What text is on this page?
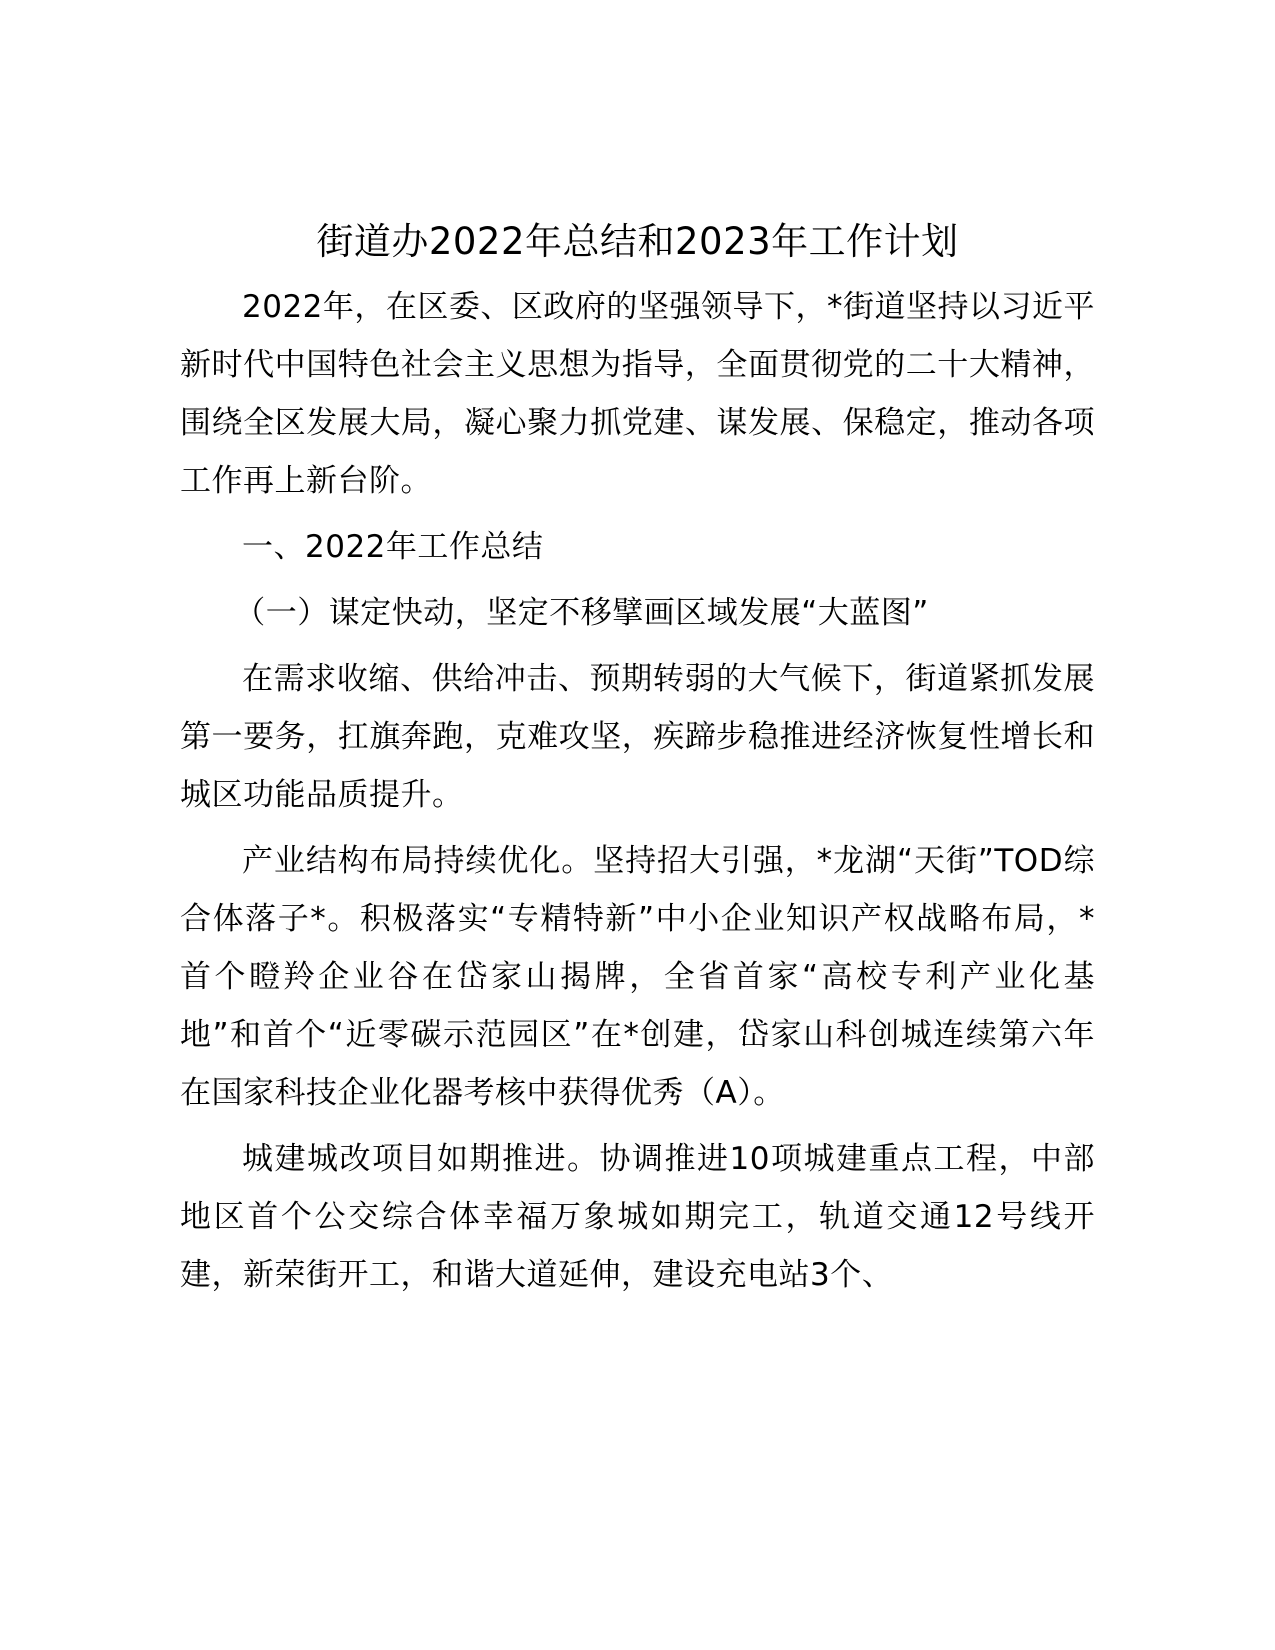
街道办2022年总结和2023年工作计划

2022年，在区委、区政府的坚强领导下，*街道坚持以习近平新时代中国特色社会主义思想为指导，全面贯彻党的二十大精神，围绕全区发展大局，凝心聚力抓党建、谋发展、保稳定，推动各项工作再上新台阶。

一、2022年工作总结

（一）谋定快动，坚定不移擘画区域发展“大蓝图”

在需求收缩、供给冲击、预期转弱的大气候下，街道紧抓发展第一要务，扛旗奔跑，克难攻坚，疾蹄步稳推进经济恢复性增长和城区功能品质提升。

产业结构布局持续优化。坚持招大引强，*龙湖“天街”TOD综合体落子*。积极落实“专精特新”中小企业知识产权战略布局，*首个瞪羚企业谷在岱家山揭牌，全省首家“高校专利产业化基地”和首个“近零碳示范园区”在*创建，岱家山科创城连续第六年在国家科技企业化器考核中获得优秀（A）。

城建城改项目如期推进。协调推进10项城建重点工程，中部地区首个公交综合体幸福万象城如期完工，轨道交通12号线开建，新荣街开工，和谐大道延伸，建设充电站3个、
